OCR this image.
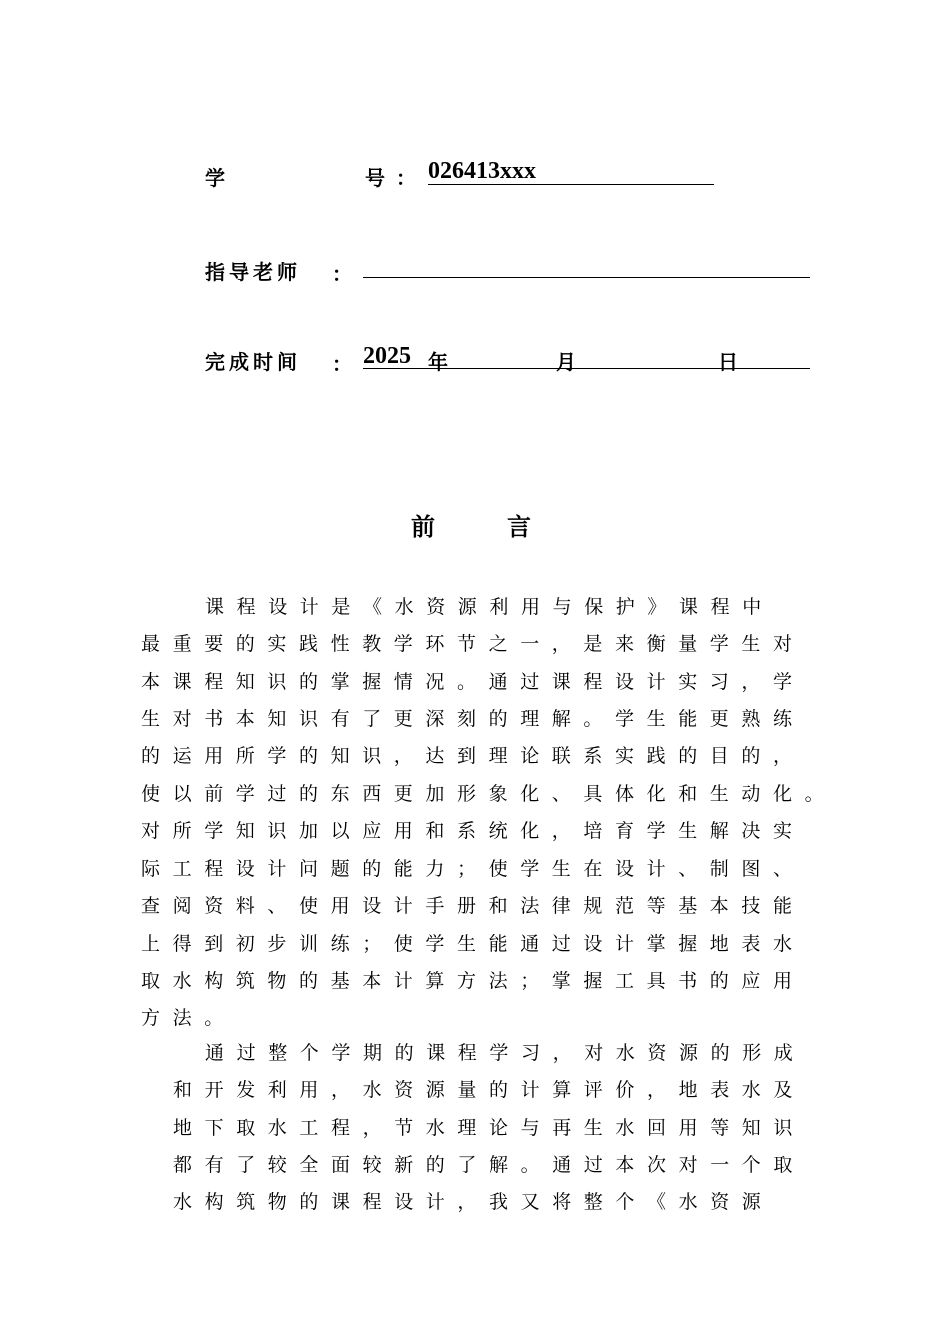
学	号 ： 026413xxx
指导老师 ：
完成时间 ： 2025 年	月	日
前	言
课程设计是《水资源利用与保护》课程中
最重要的实践性教学环节之一，是来衡量学生对
本课程知识的掌握情况。通过课程设计实习，学
生对书本知识有了更深刻的理解。学生能更熟练
的运用所学的知识，达到理论联系实践的目的，
使以前学过的东西更加形象化、具体化和生动化。
对所学知识加以应用和系统化，培育学生解决实
际工程设计问题的能力；使学生在设计、制图、
查阅资料、使用设计手册和法律规范等基本技能
上得到初步训练；使学生能通过设计掌握地表水
取水构筑物的基本计算方法；掌握工具书的应用
方法。
通过整个学期的课程学习，对水资源的形成
和开发利用，水资源量的计算评价，地表水及
地下取水工程，节水理论与再生水回用等知识
都有了较全面较新的了解。通过本次对一个取
水构筑物的课程设计，我又将整个《水资源
